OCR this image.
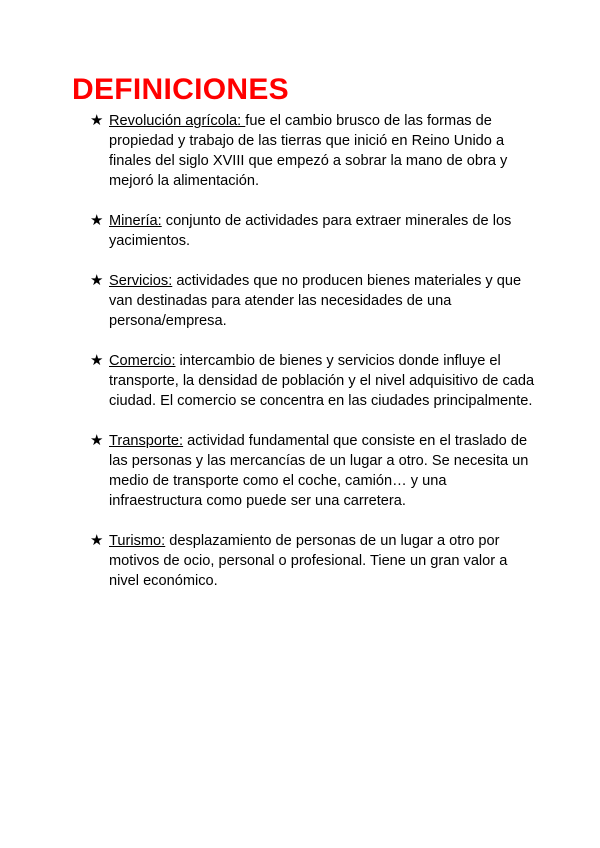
DEFINICIONES
★ Revolución agrícola: fue el cambio brusco de las formas de propiedad y trabajo de las tierras que inició en Reino Unido a finales del siglo XVIII que empezó a sobrar la mano de obra y mejoró la alimentación.
★ Minería: conjunto de actividades para extraer minerales de los yacimientos.
★ Servicios: actividades que no producen bienes materiales y que van destinadas para atender las necesidades de una persona/empresa.
★ Comercio: intercambio de bienes y servicios donde influye el transporte, la densidad de población y el nivel adquisitivo de cada ciudad. El comercio se concentra en las ciudades principalmente.
★ Transporte: actividad fundamental que consiste en el traslado de las personas y las mercancías de un lugar a otro. Se necesita un medio de transporte como el coche, camión… y una infraestructura como puede ser una carretera.
★ Turismo: desplazamiento de personas de un lugar a otro por motivos de ocio, personal o profesional. Tiene un gran valor a nivel económico.
